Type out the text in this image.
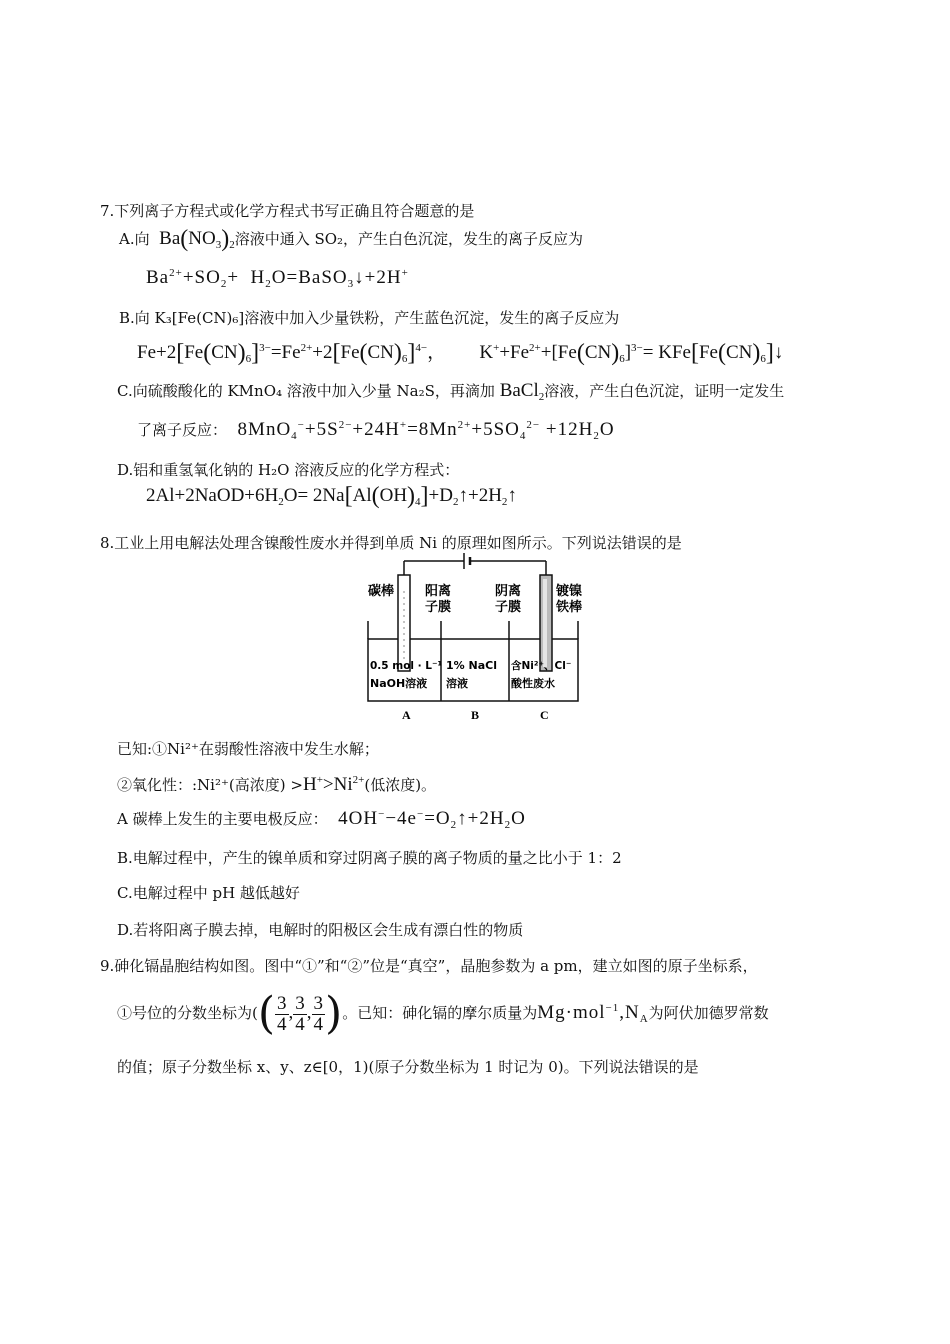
7.下列离子方程式或化学方程式书写正确且符合题意的是
A.向  $Ba(NO_3)_2$溶液中通入 SO₂，产生白色沉淀，发生的离子反应为
$Ba^{2+}+SO_2+$  $H_2O=BaSO_3↓+2H^+$
B.向 K₃[Fe(CN)₆]溶液中加入少量铁粉，产生蓝色沉淀，发生的离子反应为
$Fe+2[Fe(CN)_6]^{3-}=Fe^{2+}+2[Fe(CN)_6]^{4-}$，       $K^++Fe^{2+}+[Fe(CN)_6]^{3-}=$ $KFe[Fe(CN)_6]↓$
C.向硫酸酸化的 KMnO₄ 溶液中加入少量 Na₂S，再滴加 BaCl$_2$溶液，产生白色沉淀，证明一定发生
了离子反应：  $8MnO_4^-+5S^{2-}+24H^+=8Mn^{2+}+5SO_4^{2-} +12H_2O$
D.铝和重氢氧化钠的 H₂O 溶液反应的化学方程式：
$2Al+2NaOD+6H_2O=$ $2Na[Al(OH)_4]+D_2↑+2H_2↑$
8.工业上用电解法处理含镍酸性废水并得到单质 Ni 的原理如图所示。下列说法错误的是
碳棒 阳离
子膜
阴离
子膜
镀镍
铁棒
0.5 mol · L⁻¹
NaOH溶液
1% NaCl
溶液
含Ni²⁺、Cl⁻
酸性废水
A	B	C
已知:①Ni²⁺在弱酸性溶液中发生水解；
②氧化性：:Ni²⁺(高浓度) $>H^+>Ni^{2+}$(低浓度)。
A 碳棒上发生的主要电极反应：  $4OH^--4e^-=O_2↑+2H_2O$
B.电解过程中，产生的镍单质和穿过阴离子膜的离子物质的量之比小于 1：2
C.电解过程中 pH 越低越好
D.若将阳离子膜去掉，电解时的阳极区会生成有漂白性的物质
9.砷化镉晶胞结构如图。图中“①”和“②”位是“真空”，晶胞参数为 a pm，建立如图的原子坐标系，
①号位的分数坐标为(( $\frac{3}{4}$ , $\frac{3}{4}$ , $\frac{3}{4}$ )。已知：砷化镉的摩尔质量为$Mg\cdot mol^{-1},N_A$为阿伏加德罗常数
的值；原子分数坐标 x、y、z∈[0，1)(原子分数坐标为 1 时记为 0)。下列说法错误的是
